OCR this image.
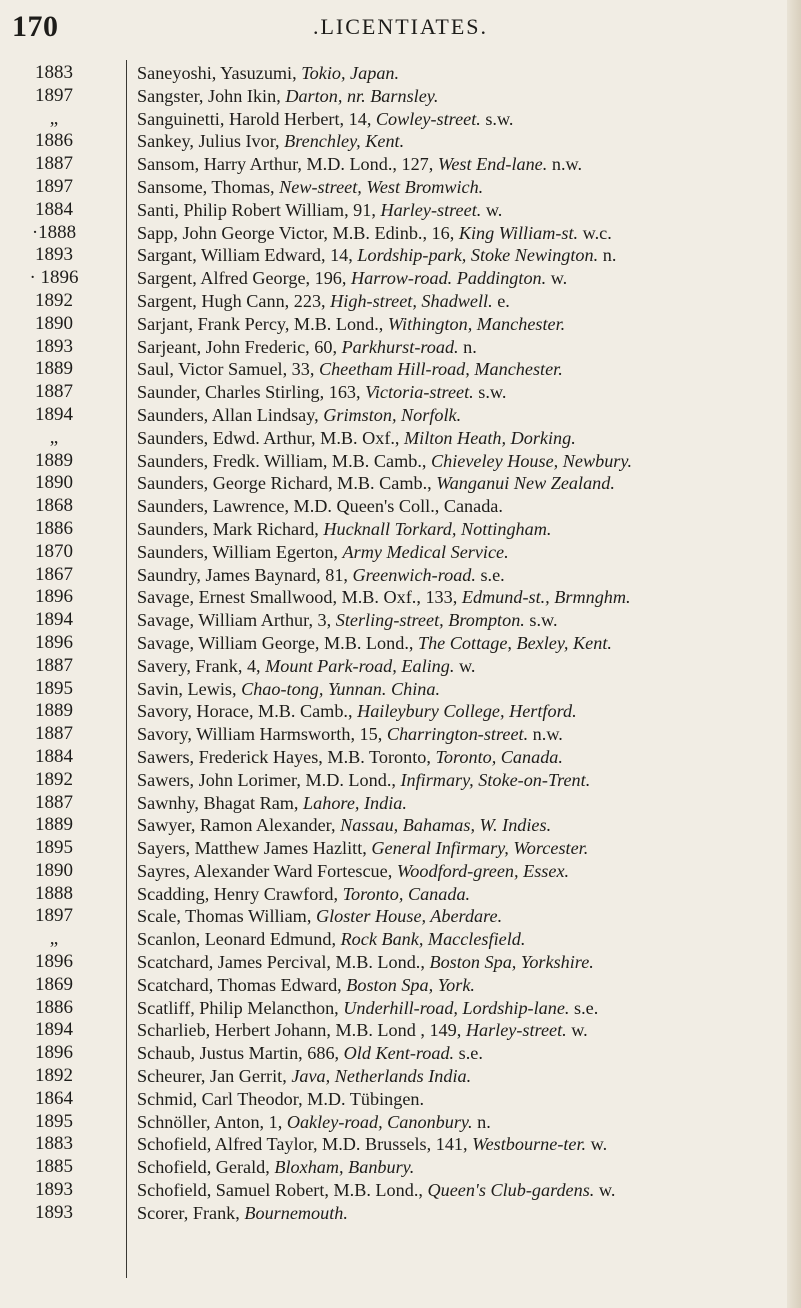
170	.LICENTIATES.
1883	Saneyoshi, Yasuzumi, Tokio, Japan.
1897	Sangster, John Ikin, Darton, nr. Barnsley.
„	Sanguinetti, Harold Herbert, 14, Cowley-street. s.w.
1886	Sankey, Julius Ivor, Brenchley, Kent.
1887	Sansom, Harry Arthur, M.D. Lond., 127, West End-lane. n.w.
1897	Sansome, Thomas, New-street, West Bromwich.
1884	Santi, Philip Robert William, 91, Harley-street. w.
·1888	Sapp, John George Victor, M.B. Edinb., 16, King William-st. w.c.
1893	Sargant, William Edward, 14, Lordship-park, Stoke Newington. n.
· 1896	Sargent, Alfred George, 196, Harrow-road. Paddington. w.
1892	Sargent, Hugh Cann, 223, High-street, Shadwell. e.
1890	Sarjant, Frank Percy, M.B. Lond., Withington, Manchester.
1893	Sarjeant, John Frederic, 60, Parkhurst-road. n.
1889	Saul, Victor Samuel, 33, Cheetham Hill-road, Manchester.
1887	Saunder, Charles Stirling, 163, Victoria-street. s.w.
1894	Saunders, Allan Lindsay, Grimston, Norfolk.
„	Saunders, Edwd. Arthur, M.B. Oxf., Milton Heath, Dorking.
1889	Saunders, Fredk. William, M.B. Camb., Chieveley House, Newbury.
1890	Saunders, George Richard, M.B. Camb., Wanganui New Zealand.
1868	Saunders, Lawrence, M.D. Queen's Coll., Canada.
1886	Saunders, Mark Richard, Hucknall Torkard, Nottingham.
1870	Saunders, William Egerton, Army Medical Service.
1867	Saundry, James Baynard, 81, Greenwich-road. s.e.
1896	Savage, Ernest Smallwood, M.B. Oxf., 133, Edmund-st., Brmnghm.
1894	Savage, William Arthur, 3, Sterling-street, Brompton. s.w.
1896	Savage, William George, M.B. Lond., The Cottage, Bexley, Kent.
1887	Savery, Frank, 4, Mount Park-road, Ealing. w.
1895	Savin, Lewis, Chao-tong, Yunnan. China.
1889	Savory, Horace, M.B. Camb., Haileybury College, Hertford.
1887	Savory, William Harmsworth, 15, Charrington-street. n.w.
1884	Sawers, Frederick Hayes, M.B. Toronto, Toronto, Canada.
1892	Sawers, John Lorimer, M.D. Lond., Infirmary, Stoke-on-Trent.
1887	Sawnhy, Bhagat Ram, Lahore, India.
1889	Sawyer, Ramon Alexander, Nassau, Bahamas, W. Indies.
1895	Sayers, Matthew James Hazlitt, General Infirmary, Worcester.
1890	Sayres, Alexander Ward Fortescue, Woodford-green, Essex.
1888	Scadding, Henry Crawford, Toronto, Canada.
1897	Scale, Thomas William, Gloster House, Aberdare.
„	Scanlon, Leonard Edmund, Rock Bank, Macclesfield.
1896	Scatchard, James Percival, M.B. Lond., Boston Spa, Yorkshire.
1869	Scatchard, Thomas Edward, Boston Spa, York.
1886	Scatliff, Philip Melancthon, Underhill-road, Lordship-lane. s.e.
1894	Scharlieb, Herbert Johann, M.B. Lond , 149, Harley-street. w.
1896	Schaub, Justus Martin, 686, Old Kent-road. s.e.
1892	Scheurer, Jan Gerrit, Java, Netherlands India.
1864	Schmid, Carl Theodor, M.D. Tübingen.
1895	Schnöller, Anton, 1, Oakley-road, Canonbury. n.
1883	Schofield, Alfred Taylor, M.D. Brussels, 141, Westbourne-ter. w.
1885	Schofield, Gerald, Bloxham, Banbury.
1893	Schofield, Samuel Robert, M.B. Lond., Queen's Club-gardens. w.
1893	Scorer, Frank, Bournemouth.
